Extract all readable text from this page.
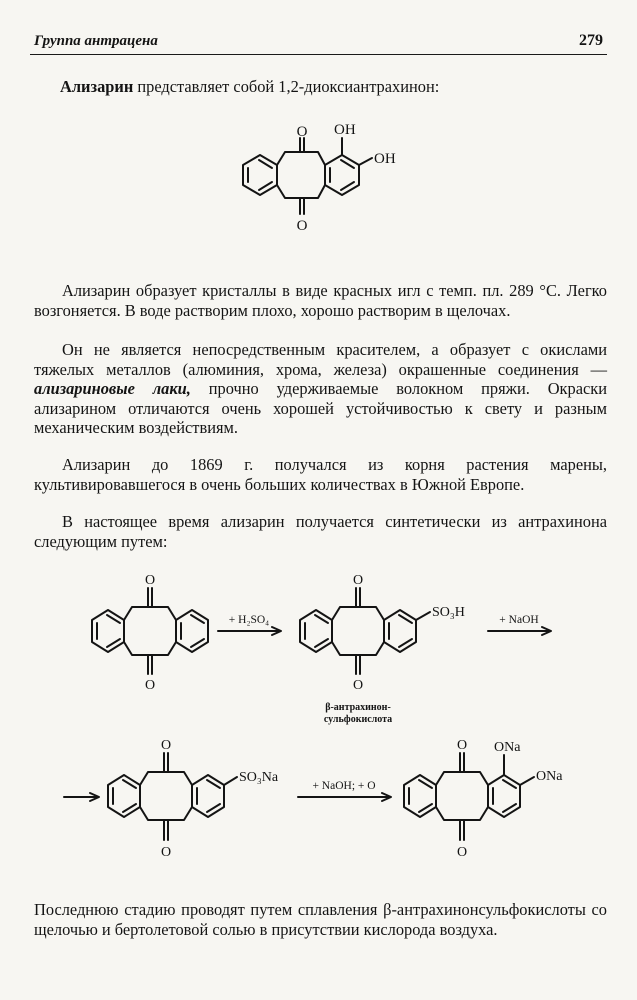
Группа антрацена	279

Ализарин представляет собой 1,2-диоксиантрахинон:

Ализарин образует кристаллы в виде красных игл с темп. пл. 289 °С. Легко возгоняется. В воде растворим плохо, хорошо растворим в щелочах.

Он не является непосредственным красителем, а образует с окислами тяжелых металлов (алюминия, хрома, железа) окрашенные соединения — ализариновые лаки, прочно удерживаемые волокном пряжи. Окраски ализарином отличаются очень хорошей устойчивостью к свету и разным механическим воздействиям.

Ализарин до 1869 г. получался из корня растения марены, культивировавшегося в очень больших количествах в Южной Европе.

В настоящее время ализарин получается синтетически из антрахинона следующим путем:

Последнюю стадию проводят путем сплавления β-антрахинонсульфокислоты со щелочью и бертолетовой солью в присутствии кислорода воздуха.

O OH
OH
O
O
O
+ H₂SO₄
O
O
SO₃H
β-антрахинон-
сульфокислота
+ NaOH
O
O
SO₃Na
+ NaOH; + O
O
O
ONa
ONa
